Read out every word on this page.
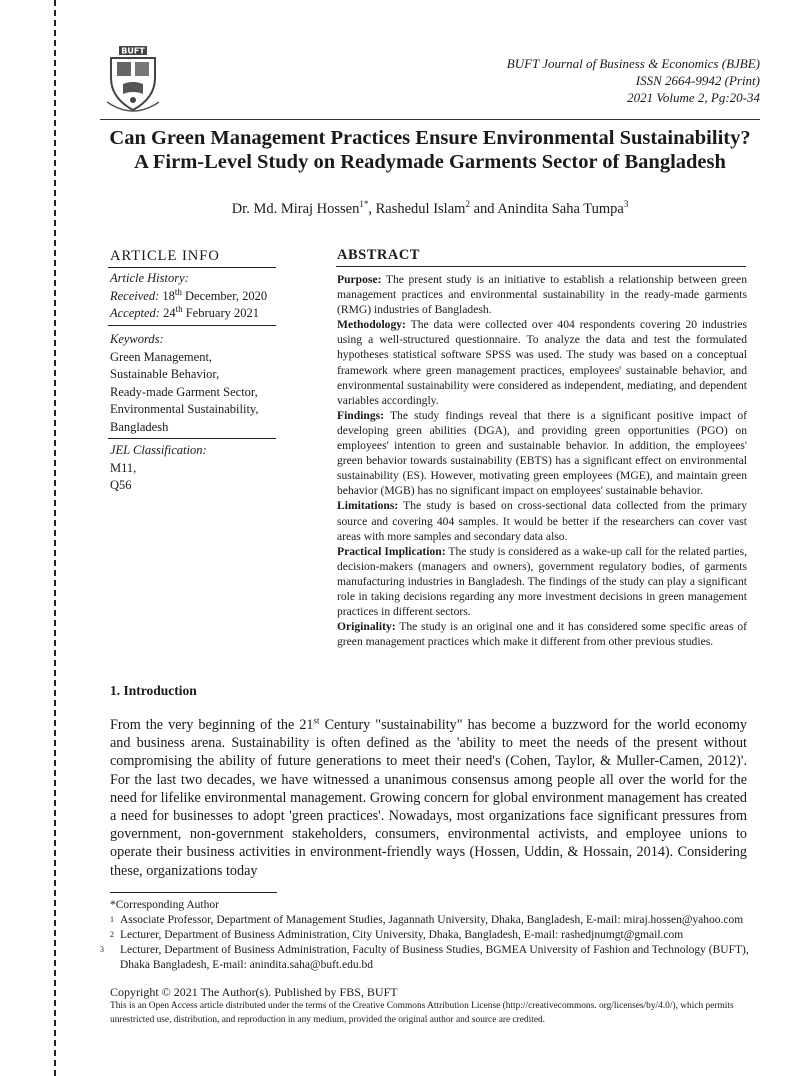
BUFT
BUFT Journal of Business & Economics (BJBE)
ISSN 2664-9942 (Print)
2021 Volume 2, Pg:20-34
Can Green Management Practices Ensure Environmental Sustainability?
A Firm-Level Study on Readymade Garments Sector of Bangladesh
Dr. Md. Miraj Hossen$^{1*}$, Rashedul Islam$^2$ and Anindita Saha Tumpa$^3$
ARTICLE INFO
Article History:
Received: 18th December, 2020
Accepted: 24th February 2021
Keywords:
Green Management,
Sustainable Behavior,
Ready-made Garment Sector,
Environmental Sustainability,
Bangladesh
JEL Classification:
M11,
Q56
ABSTRACT

Purpose: The present study is an initiative to establish a relationship between green management practices and environmental sustainability in the ready-made garments (RMG) industries of Bangladesh.

Methodology: The data were collected over 404 respondents covering 20 industries using a well-structured questionnaire. To analyze the data and test the formulated hypotheses statistical software SPSS was used. The study was based on a conceptual framework where green management practices, employees' sustainable behavior, and environmental sustainability were considered as independent, mediating, and dependent variables accordingly.

Findings: The study findings reveal that there is a significant positive impact of developing green abilities (DGA), and providing green opportunities (PGO) on employees' intention to green and sustainable behavior. In addition, the employees' green behavior towards sustainability (EBTS) has a significant effect on environmental sustainability (ES). However, motivating green employees (MGE), and maintain green behavior (MGB) has no significant impact on employees' sustainable behavior.

Limitations: The study is based on cross-sectional data collected from the primary source and covering 404 samples. It would be better if the researchers can cover vast areas with more samples and secondary data also.

Practical Implication: The study is considered as a wake-up call for the related parties, decision-makers (managers and owners), government regulatory bodies, of garments manufacturing industries in Bangladesh. The findings of the study can play a significant role in taking decisions regarding any more investment decisions in green management practices in different sectors.

Originality: The study is an original one and it has considered some specific areas of green management practices which make it different from other previous studies.

1. Introduction
From the very beginning of the 21st Century "sustainability" has become a buzzword for the world economy and business arena. Sustainability is often defined as the 'ability to meet the needs of the present without compromising the ability of future generations to meet their need's (Cohen, Taylor, & Muller-Camen, 2012)'. For the last two decades, we have witnessed a unanimous consensus among people all over the world for the need for lifelike environmental management. Growing concern for global environment management has created a need for businesses to adopt 'green practices'. Nowadays, most organizations face significant pressures from government, non-government stakeholders, consumers, environmental activists, and employee unions to operate their business activities in environment-friendly ways (Hossen, Uddin, & Hossain, 2014). Considering these, organizations today
*Corresponding Author
1 Associate Professor, Department of Management Studies, Jagannath University, Dhaka, Bangladesh, E-mail: miraj.hossen@yahoo.com
2 Lecturer, Department of Business Administration, City University, Dhaka, Bangladesh, E-mail: rashedjnumgt@gmail.com
3 Lecturer, Department of Business Administration, Faculty of Business Studies, BGMEA University of Fashion and Technology (BUFT), Dhaka Bangladesh, E-mail: anindita.saha@buft.edu.bd
Copyright © 2021 The Author(s). Published by FBS, BUFT
This is an Open Access article distributed under the terms of the Creative Commons Attribution License (http://creativecommons. org/licenses/by/4.0/), which permits unrestricted use, distribution, and reproduction in any medium, provided the original author and source are credited.
